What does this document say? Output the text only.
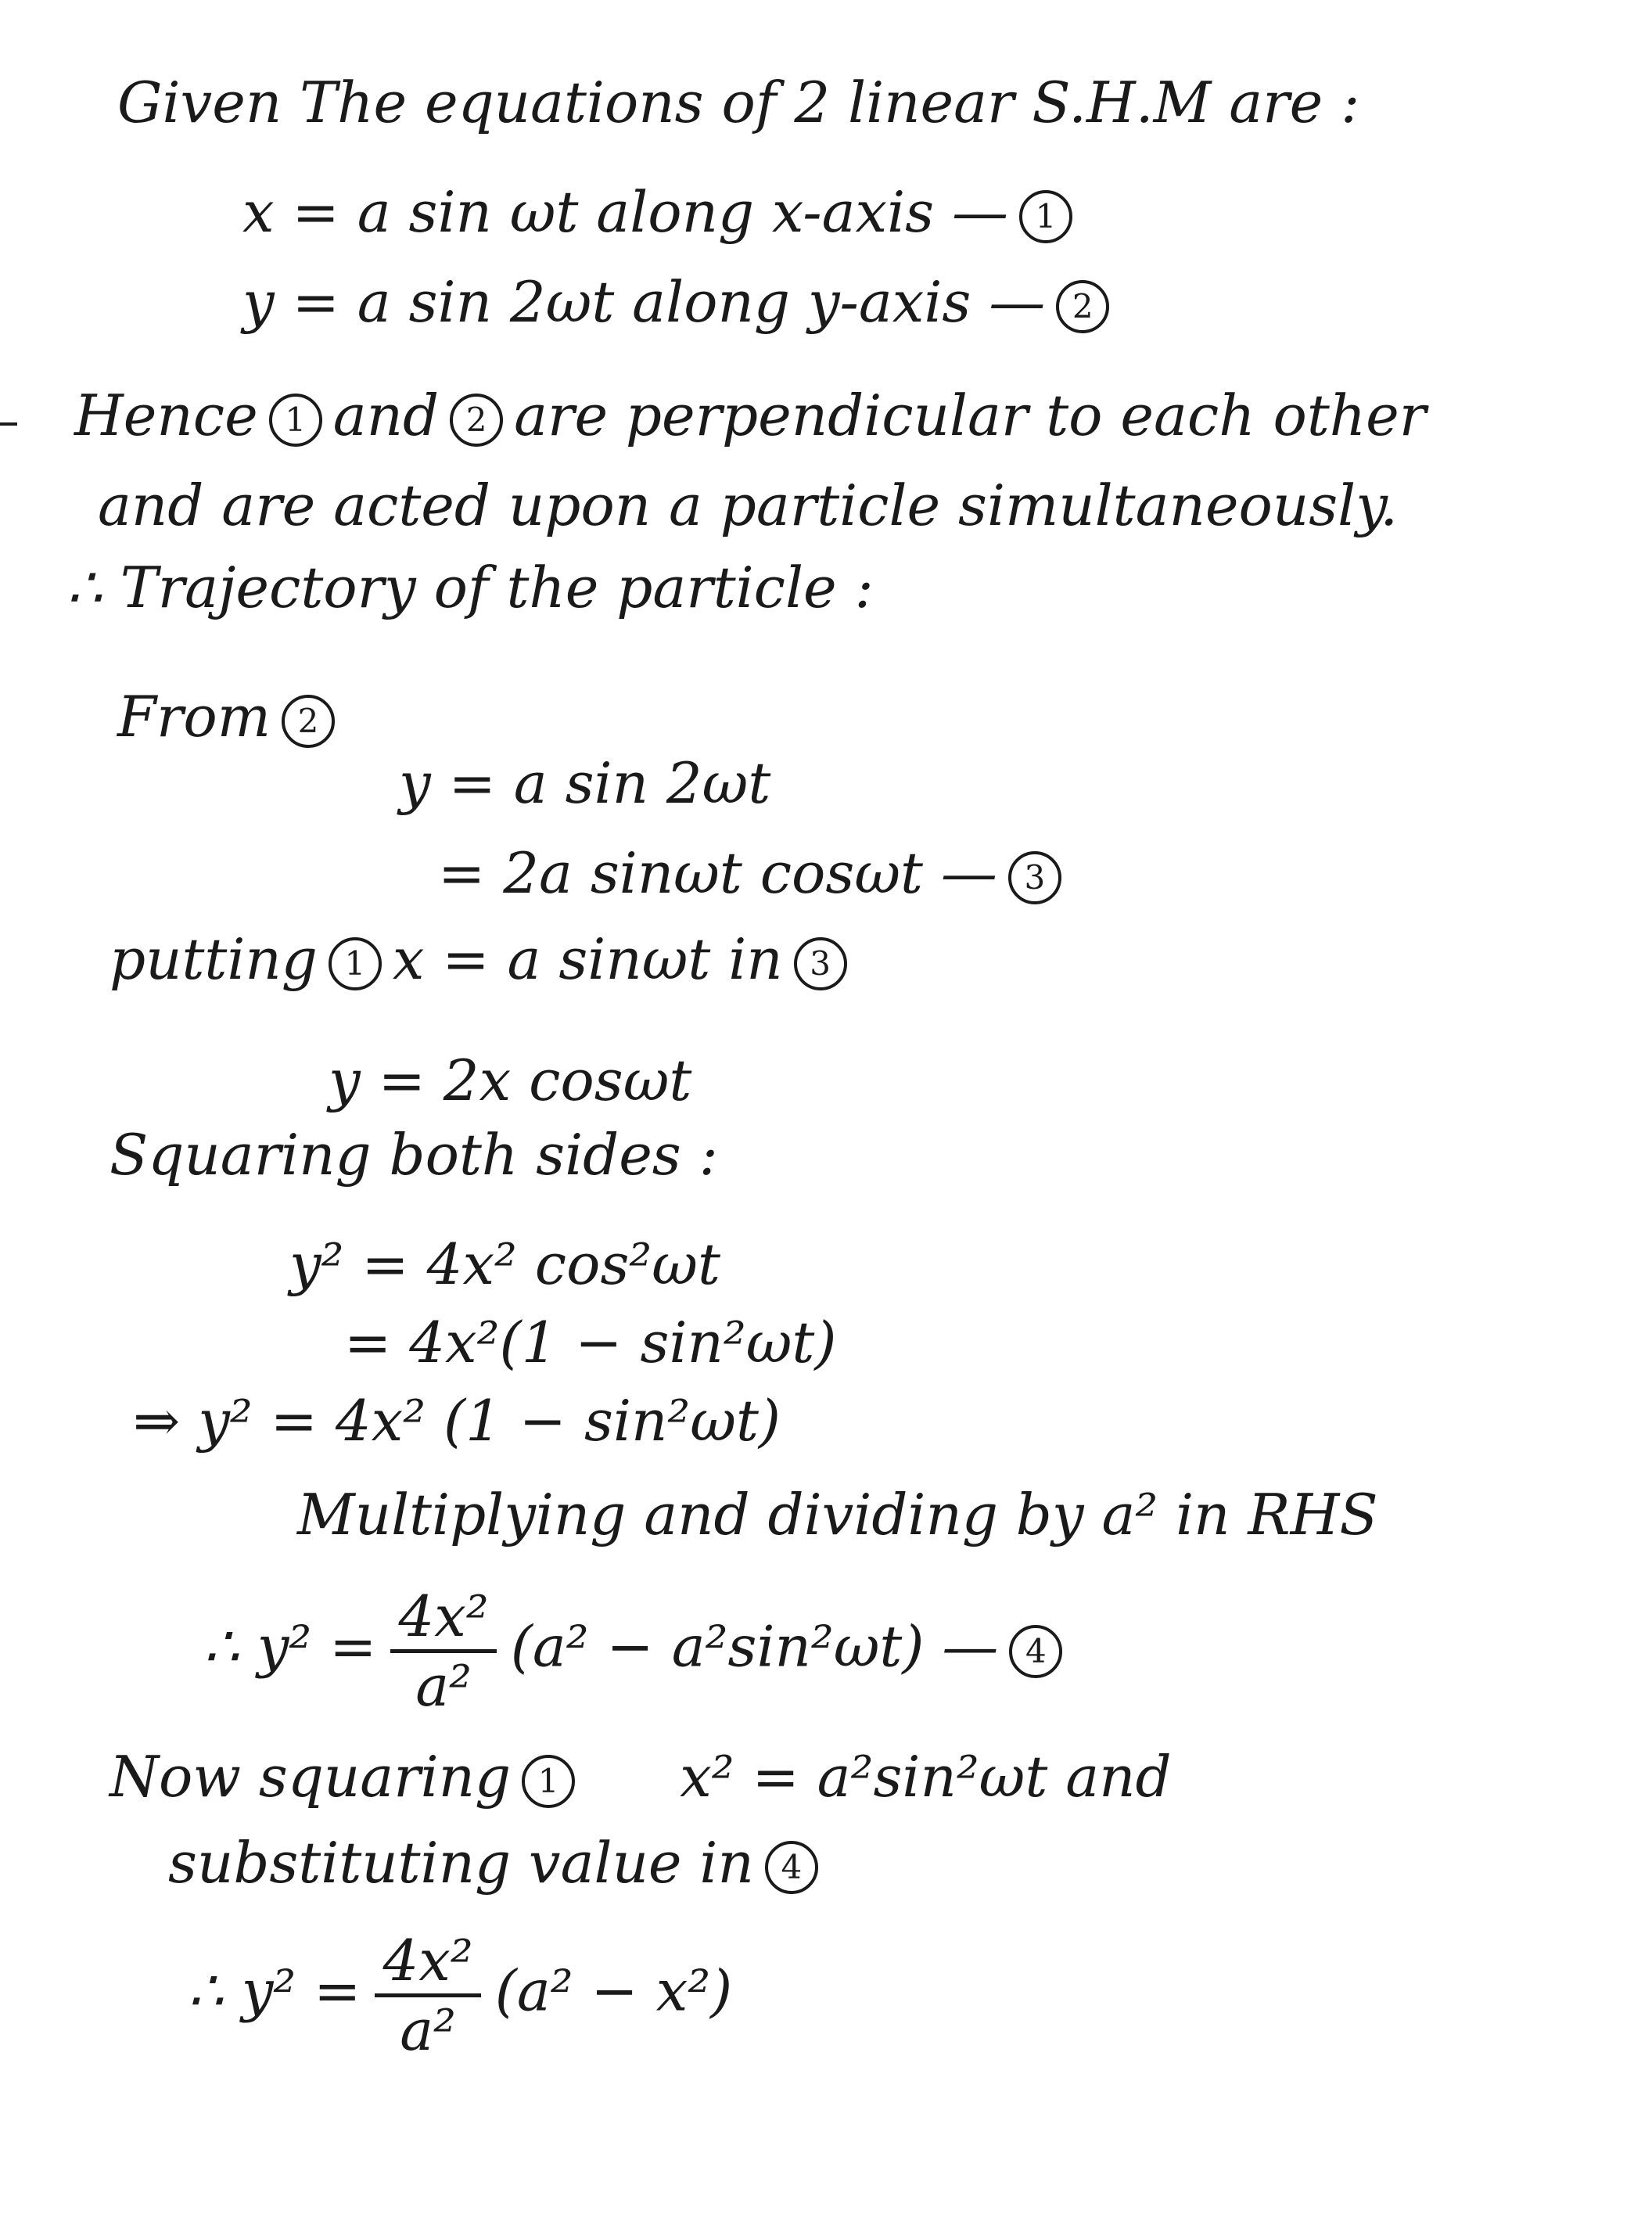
Given The equations of 2 linear S.H.M are :
x = a sin ωt along x-axis — 1
y = a sin 2ωt along y-axis — 2
Hence 1 and 2 are perpendicular to each other
and are acted upon a particle simultaneously.
∴ Trajectory of the particle :
From 2
y = a sin 2ωt
= 2a sinωt cosωt — 3
putting 1 x = a sinωt in 3
y = 2x cosωt
Squaring both sides :
y² = 4x² cos²ωt
= 4x²(1 − sin²ωt)
⇒ y² = 4x² (1 − sin²ωt)
Multiplying and dividing by a² in RHS
∴ $y^2 = \frac{\text{4x²}}{\text{a²}} (a^2 - a^2\sin^2\omega t)$ — 4
Now squaring 1 x² = a²sin²ωt and
substituting value in 4
∴ $y^2 = \frac{\text{4x²}}{\text{a²}} (a^2 - x^2)$
